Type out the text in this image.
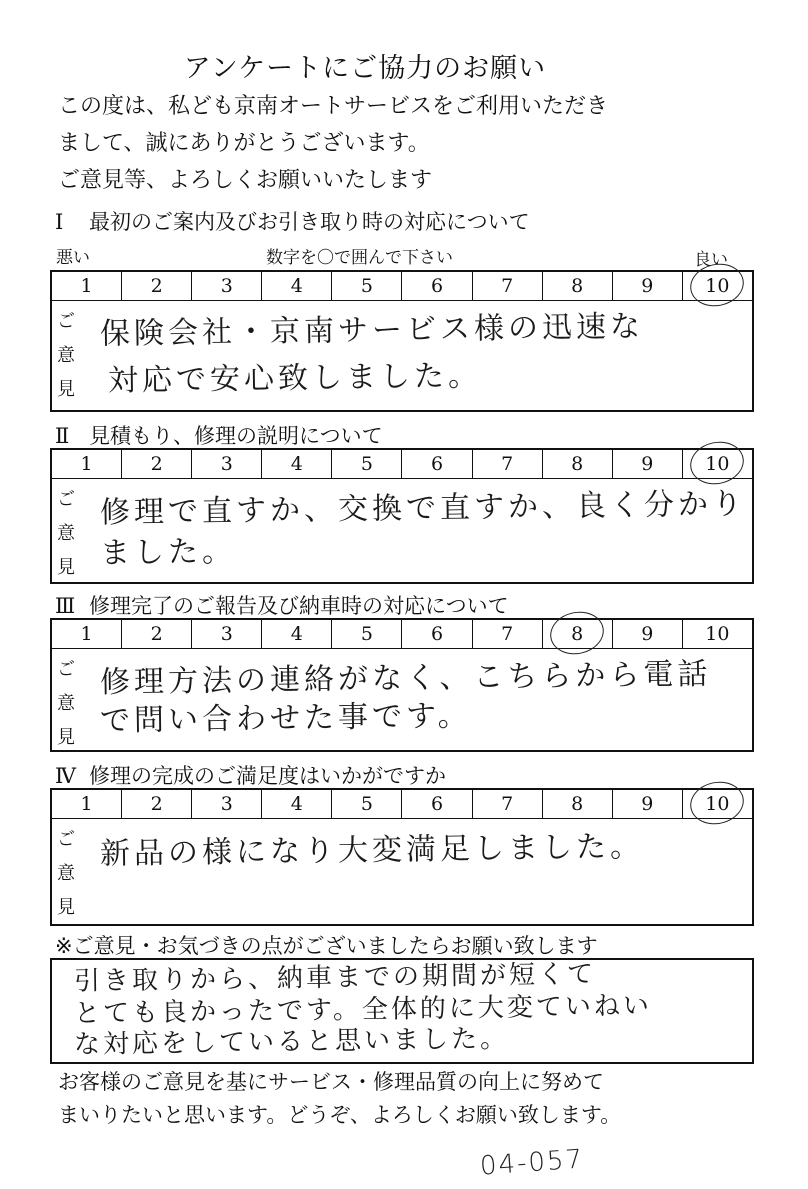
アンケートにご協力のお願い
この度は、私ども京南オートサービスをご利用いただき
まして、誠にありがとうございます。
ご意見等、よろしくお願いいたします
Ⅰ 最初のご案内及びお引き取り時の対応について
悪い	数字を〇で囲んで下さい	良い
1	2	3	4	5	6	7	8	9	10
ご
意
見
保険会社・京南サービス様の迅速な
対応で安心致しました。
Ⅱ 見積もり、修理の説明について
1	2	3	4	5	6	7	8	9	10
ご
意
見
修理で直すか、交換で直すか、良く分かり
ました。
Ⅲ 修理完了のご報告及び納車時の対応について
1	2	3	4	5	6	7	8	9	10
ご
意
見
修理方法の連絡がなく、こちらから電話
で問い合わせた事です。
Ⅳ 修理の完成のご満足度はいかがですか
1	2	3	4	5	6	7	8	9	10
ご
意
見
新品の様になり大変満足しました。
※ご意見・お気づきの点がございましたらお願い致します
引き取りから、納車までの期間が短くて
とても良かったです。全体的に大変ていねい
な対応をしていると思いました。
お客様のご意見を基にサービス・修理品質の向上に努めて
まいりたいと思います。どうぞ、よろしくお願い致します。
04-057
